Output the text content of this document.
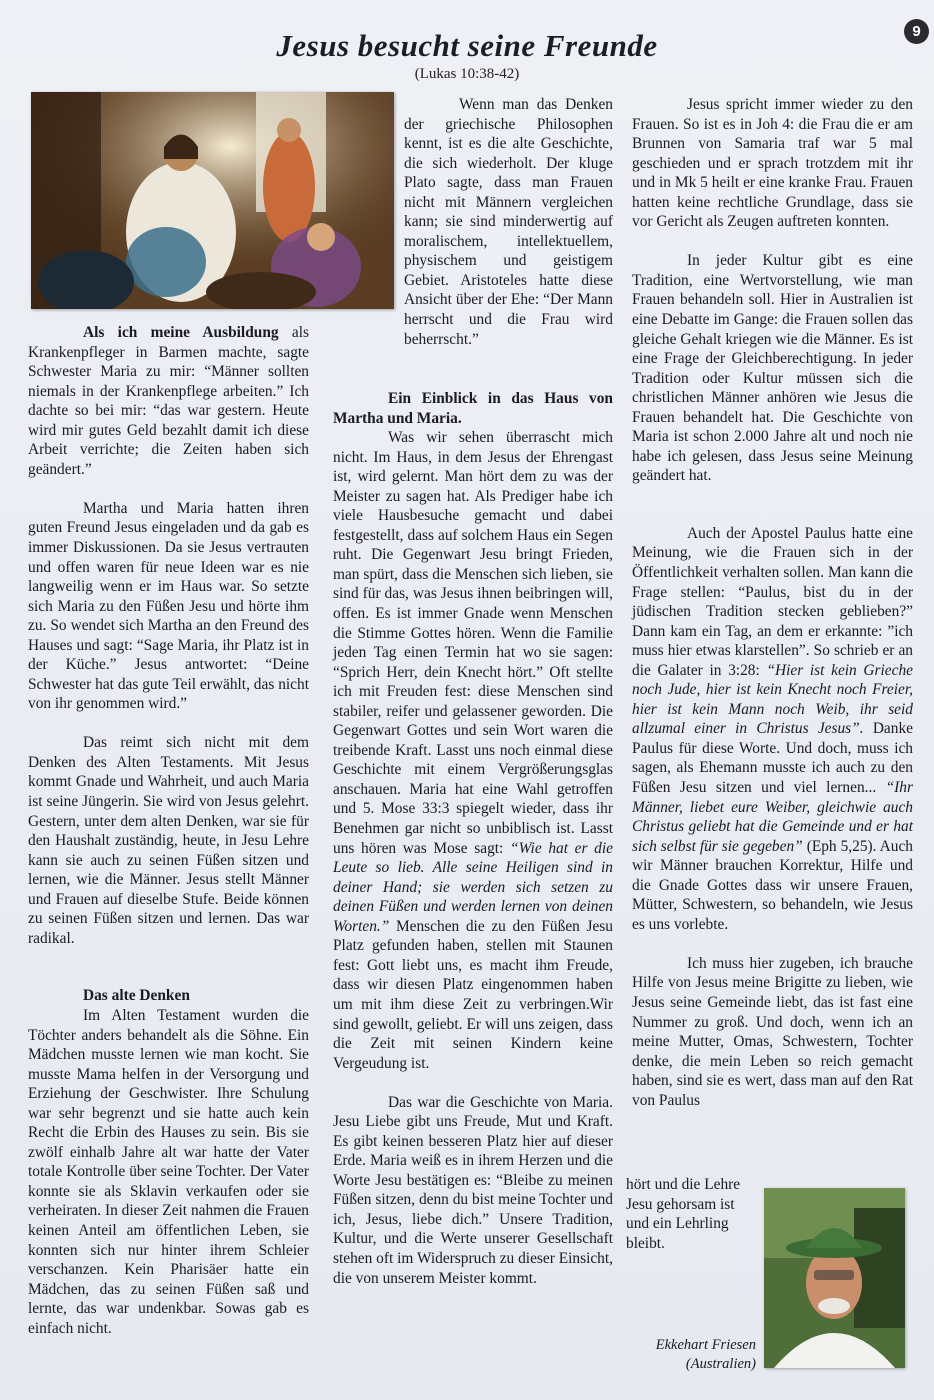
9
Jesus besucht seine Freunde
(Lukas 10:38-42)

Als ich meine Ausbildung als Krankenpfleger in Barmen machte, sagte Schwester Maria zu mir: “Männer sollten niemals in der Krankenpflege arbeiten.” Ich dachte so bei mir: “das war gestern. Heute wird mir gutes Geld bezahlt damit ich diese Arbeit verrichte; die Zeiten haben sich geändert.”

Martha und Maria hatten ihren guten Freund Jesus eingeladen und da gab es immer Diskussionen. Da sie Jesus vertrauten und offen waren für neue Ideen war es nie langweilig wenn er im Haus war. So setzte sich Maria zu den Füßen Jesu und hörte ihm zu. So wendet sich Martha an den Freund des Hauses und sagt: “Sage Maria, ihr Platz ist in der Küche.” Jesus antwortet: “Deine Schwester hat das gute Teil erwählt, das nicht von ihr genommen wird.”

Das reimt sich nicht mit dem Denken des Alten Testaments. Mit Jesus kommt Gnade und Wahrheit, und auch Maria ist seine Jüngerin. Sie wird von Jesus gelehrt. Gestern, unter dem alten Denken, war sie für den Haushalt zuständig, heute, in Jesu Lehre kann sie auch zu seinen Füßen sitzen und lernen, wie die Männer. Jesus stellt Männer und Frauen auf dieselbe Stufe. Beide können zu seinen Füßen sitzen und lernen. Das war radikal.

Das alte Denken

Im Alten Testament wurden die Töchter anders behandelt als die Söhne. Ein Mädchen musste lernen wie man kocht. Sie musste Mama helfen in der Versorgung und Erziehung der Geschwister. Ihre Schulung war sehr begrenzt und sie hatte auch kein Recht die Erbin des Hauses zu sein. Bis sie zwölf einhalb Jahre alt war hatte der Vater totale Kontrolle über seine Tochter. Der Vater konnte sie als Sklavin verkaufen oder sie verheiraten. In dieser Zeit nahmen die Frauen keinen Anteil am öffentlichen Leben, sie konnten sich nur hinter ihrem Schleier verschanzen. Kein Pharisäer hatte ein Mädchen, das zu seinen Füßen saß und lernte, das war undenkbar. Sowas gab es einfach nicht.

Wenn man das Denken der griechische Philosophen kennt, ist es die alte Geschichte, die sich wiederholt. Der kluge Plato sagte, dass man Frauen nicht mit Männern vergleichen kann; sie sind minderwertig auf moralischem, intellektuellem, physischem und geistigem Gebiet. Aristoteles hatte diese Ansicht über der Ehe: “Der Mann herrscht und die Frau wird beherrscht.”

Ein Einblick in das Haus von Martha und Maria.

Was wir sehen überrascht mich nicht. Im Haus, in dem Jesus der Ehrengast ist, wird gelernt. Man hört dem zu was der Meister zu sagen hat. Als Prediger habe ich viele Hausbesuche gemacht und dabei festgestellt, dass auf solchem Haus ein Segen ruht. Die Gegenwart Jesu bringt Frieden, man spürt, dass die Menschen sich lieben, sie sind für das, was Jesus ihnen beibringen will, offen. Es ist immer Gnade wenn Menschen die Stimme Gottes hören. Wenn die Familie jeden Tag einen Termin hat wo sie sagen: “Sprich Herr, dein Knecht hört.” Oft stellte ich mit Freuden fest: diese Menschen sind stabiler, reifer und gelassener geworden. Die Gegenwart Gottes und sein Wort waren die treibende Kraft. Lasst uns noch einmal diese Geschichte mit einem Vergrößerungsglas anschauen. Maria hat eine Wahl getroffen und 5. Mose 33:3 spiegelt wieder, dass ihr Benehmen gar nicht so unbiblisch ist. Lasst uns hören was Mose sagt: “Wie hat er die Leute so lieb. Alle seine Heiligen sind in deiner Hand; sie werden sich setzen zu deinen Füßen und werden lernen von deinen Worten.” Menschen die zu den Füßen Jesu Platz gefunden haben, stellen mit Staunen fest: Gott liebt uns, es macht ihm Freude, dass wir diesen Platz eingenommen haben um mit ihm diese Zeit zu verbringen.Wir sind gewollt, geliebt. Er will uns zeigen, dass die Zeit mit seinen Kindern keine Vergeudung ist.

Das war die Geschichte von Maria. Jesu Liebe gibt uns Freude, Mut und Kraft. Es gibt keinen besseren Platz hier auf dieser Erde. Maria weiß es in ihrem Herzen und die Worte Jesu bestätigen es: “Bleibe zu meinen Füßen sitzen, denn du bist meine Tochter und ich, Jesus, liebe dich.” Unsere Tradition, Kultur, und die Werte unserer Gesellschaft stehen oft im Widerspruch zu dieser Einsicht, die von unserem Meister kommt.

Jesus spricht immer wieder zu den Frauen. So ist es in Joh 4: die Frau die er am Brunnen von Samaria traf war 5 mal geschieden und er sprach trotzdem mit ihr und in Mk 5 heilt er eine kranke Frau. Frauen hatten keine rechtliche Grundlage, dass sie vor Gericht als Zeugen auftreten konnten.

In jeder Kultur gibt es eine Tradition, eine Wertvorstellung, wie man Frauen behandeln soll. Hier in Australien ist eine Debatte im Gange: die Frauen sollen das gleiche Gehalt kriegen wie die Männer. Es ist eine Frage der Gleichberechtigung. In jeder Tradition oder Kultur müssen sich die christlichen Männer anhören wie Jesus die Frauen behandelt hat. Die Geschichte von Maria ist schon 2.000 Jahre alt und noch nie habe ich gelesen, dass Jesus seine Meinung geändert hat.

Auch der Apostel Paulus hatte eine Meinung, wie die Frauen sich in der Öffentlichkeit verhalten sollen. Man kann die Frage stellen: “Paulus, bist du in der jüdischen Tradition stecken geblieben?” Dann kam ein Tag, an dem er erkannte: ”ich muss hier etwas klarstellen”. So schrieb er an die Galater in 3:28: “Hier ist kein Grieche noch Jude, hier ist kein Knecht noch Freier, hier ist kein Mann noch Weib, ihr seid allzumal einer in Christus Jesus”. Danke Paulus für diese Worte. Und doch, muss ich sagen, als Ehemann musste ich auch zu den Füßen Jesu sitzen und viel lernen... “Ihr Männer, liebet eure Weiber, gleichwie auch Christus geliebt hat die Gemeinde und er hat sich selbst für sie gegeben” (Eph 5,25). Auch wir Männer brauchen Korrektur, Hilfe und die Gnade Gottes dass wir unsere Frauen, Mütter, Schwestern, so behandeln, wie Jesus es uns vorlebte.

Ich muss hier zugeben, ich brauche Hilfe von Jesus meine Brigitte zu lieben, wie Jesus seine Gemeinde liebt, das ist fast eine Nummer zu groß. Und doch, wenn ich an meine Mutter, Omas, Schwestern, Tochter denke, die mein Leben so reich gemacht haben, sind sie es wert, dass man auf den Rat von Paulus

hört und die Lehre Jesu gehorsam ist und ein Lehrling bleibt.

Ekkehart Friesen
(Australien)
